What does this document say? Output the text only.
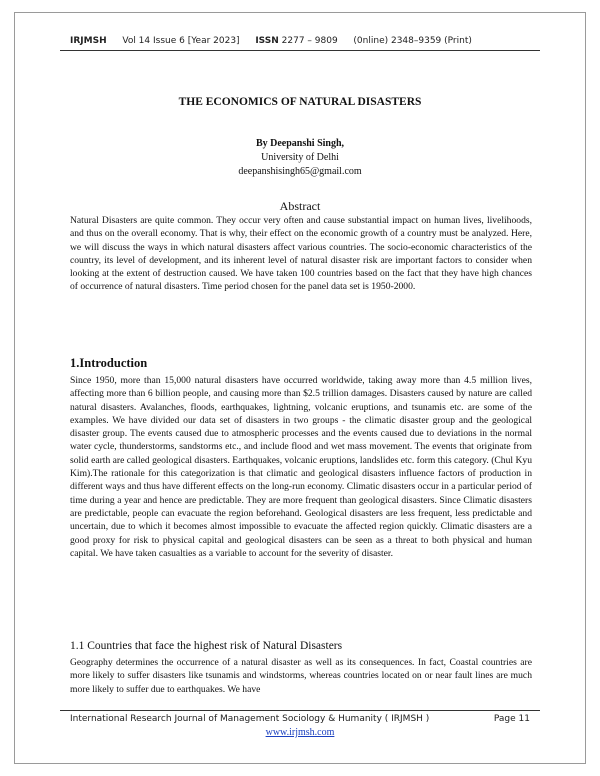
IRJMSH Vol 14 Issue 6 [Year 2023] ISSN 2277 – 9809 (0nline) 2348–9359 (Print)
THE ECONOMICS OF NATURAL DISASTERS
By Deepanshi Singh,
University of Delhi
deepanshisingh65@gmail.com
Abstract

Natural Disasters are quite common. They occur very often and cause substantial impact on human lives, livelihoods, and thus on the overall economy. That is why, their effect on the economic growth of a country must be analyzed. Here, we will discuss the ways in which natural disasters affect various countries. The socio-economic characteristics of the country, its level of development, and its inherent level of natural disaster risk are important factors to consider when looking at the extent of destruction caused. We have taken 100 countries based on the fact that they have high chances of occurrence of natural disasters. Time period chosen for the panel data set is 1950-2000.

1.Introduction

Since 1950, more than 15,000 natural disasters have occurred worldwide, taking away more than 4.5 million lives, affecting more than 6 billion people, and causing more than $2.5 trillion damages. Disasters caused by nature are called natural disasters. Avalanches, floods, earthquakes, lightning, volcanic eruptions, and tsunamis etc. are some of the examples. We have divided our data set of disasters in two groups - the climatic disaster group and the geological disaster group. The events caused due to atmospheric processes and the events caused due to deviations in the normal water cycle, thunderstorms, sandstorms etc., and include flood and wet mass movement. The events that originate from solid earth are called geological disasters. Earthquakes, volcanic eruptions, landslides etc. form this category. (Chul Kyu Kim).The rationale for this categorization is that climatic and geological disasters influence factors of production in different ways and thus have different effects on the long-run economy. Climatic disasters occur in a particular period of time during a year and hence are predictable. They are more frequent than geological disasters. Since Climatic disasters are predictable, people can evacuate the region beforehand. Geological disasters are less frequent, less predictable and uncertain, due to which it becomes almost impossible to evacuate the affected region quickly. Climatic disasters are a good proxy for risk to physical capital and geological disasters can be seen as a threat to both physical and human capital. We have taken casualties as a variable to account for the severity of disaster.

1.1 Countries that face the highest risk of Natural Disasters

Geography determines the occurrence of a natural disaster as well as its consequences. In fact, Coastal countries are more likely to suffer disasters like tsunamis and windstorms, whereas countries located on or near fault lines are much more likely to suffer due to earthquakes. We have

International Research Journal of Management Sociology & Humanity ( IRJMSH )	Page 11
www.irjmsh.com
